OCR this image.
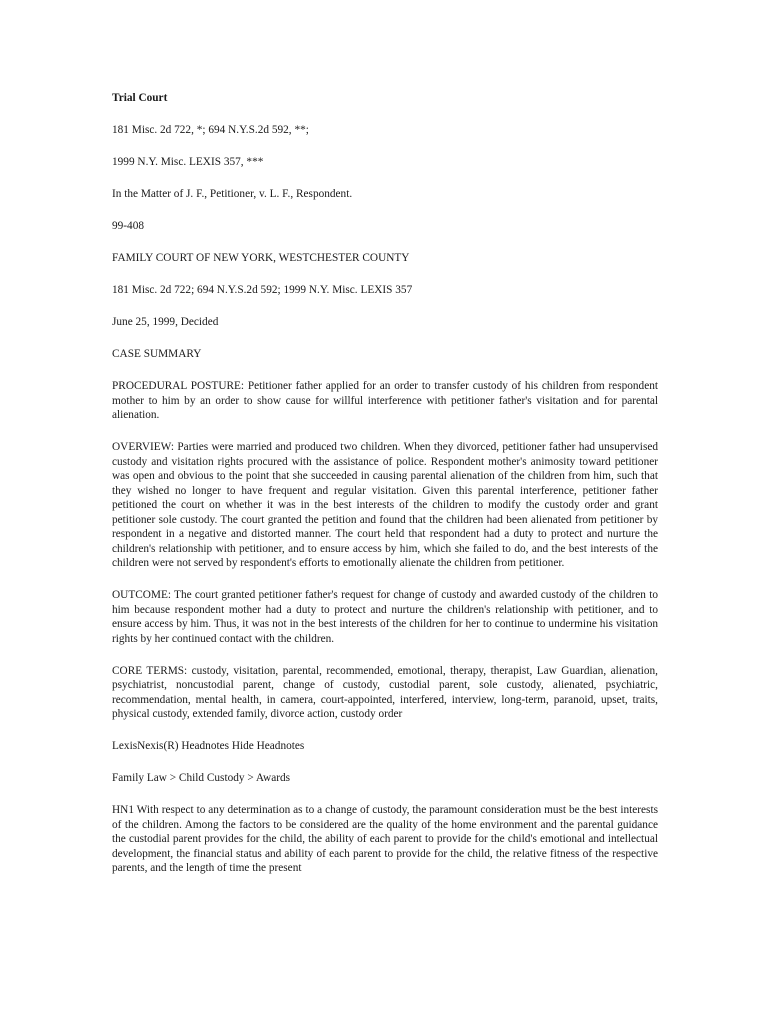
Trial Court

181 Misc. 2d 722, *; 694 N.Y.S.2d 592, **;

1999 N.Y. Misc. LEXIS 357, ***

In the Matter of J. F., Petitioner, v. L. F., Respondent.

99-408

FAMILY COURT OF NEW YORK, WESTCHESTER COUNTY

181 Misc. 2d 722; 694 N.Y.S.2d 592; 1999 N.Y. Misc. LEXIS 357

June 25, 1999, Decided

CASE SUMMARY

PROCEDURAL POSTURE: Petitioner father applied for an order to transfer custody of his children from respondent mother to him by an order to show cause for willful interference with petitioner father's visitation and for parental alienation.

OVERVIEW: Parties were married and produced two children. When they divorced, petitioner father had unsupervised custody and visitation rights procured with the assistance of police. Respondent mother's animosity toward petitioner was open and obvious to the point that she succeeded in causing parental alienation of the children from him, such that they wished no longer to have frequent and regular visitation. Given this parental interference, petitioner father petitioned the court on whether it was in the best interests of the children to modify the custody order and grant petitioner sole custody. The court granted the petition and found that the children had been alienated from petitioner by respondent in a negative and distorted manner. The court held that respondent had a duty to protect and nurture the children's relationship with petitioner, and to ensure access by him, which she failed to do, and the best interests of the children were not served by respondent's efforts to emotionally alienate the children from petitioner.

OUTCOME: The court granted petitioner father's request for change of custody and awarded custody of the children to him because respondent mother had a duty to protect and nurture the children's relationship with petitioner, and to ensure access by him. Thus, it was not in the best interests of the children for her to continue to undermine his visitation rights by her continued contact with the children.

CORE TERMS: custody, visitation, parental, recommended, emotional, therapy, therapist, Law Guardian, alienation, psychiatrist, noncustodial parent, change of custody, custodial parent, sole custody, alienated, psychiatric, recommendation, mental health, in camera, court-appointed, interfered, interview, long-term, paranoid, upset, traits, physical custody, extended family, divorce action, custody order

LexisNexis(R) Headnotes Hide Headnotes

Family Law > Child Custody > Awards

HN1 With respect to any determination as to a change of custody, the paramount consideration must be the best interests of the children. Among the factors to be considered are the quality of the home environment and the parental guidance the custodial parent provides for the child, the ability of each parent to provide for the child's emotional and intellectual development, the financial status and ability of each parent to provide for the child, the relative fitness of the respective parents, and the length of time the present
